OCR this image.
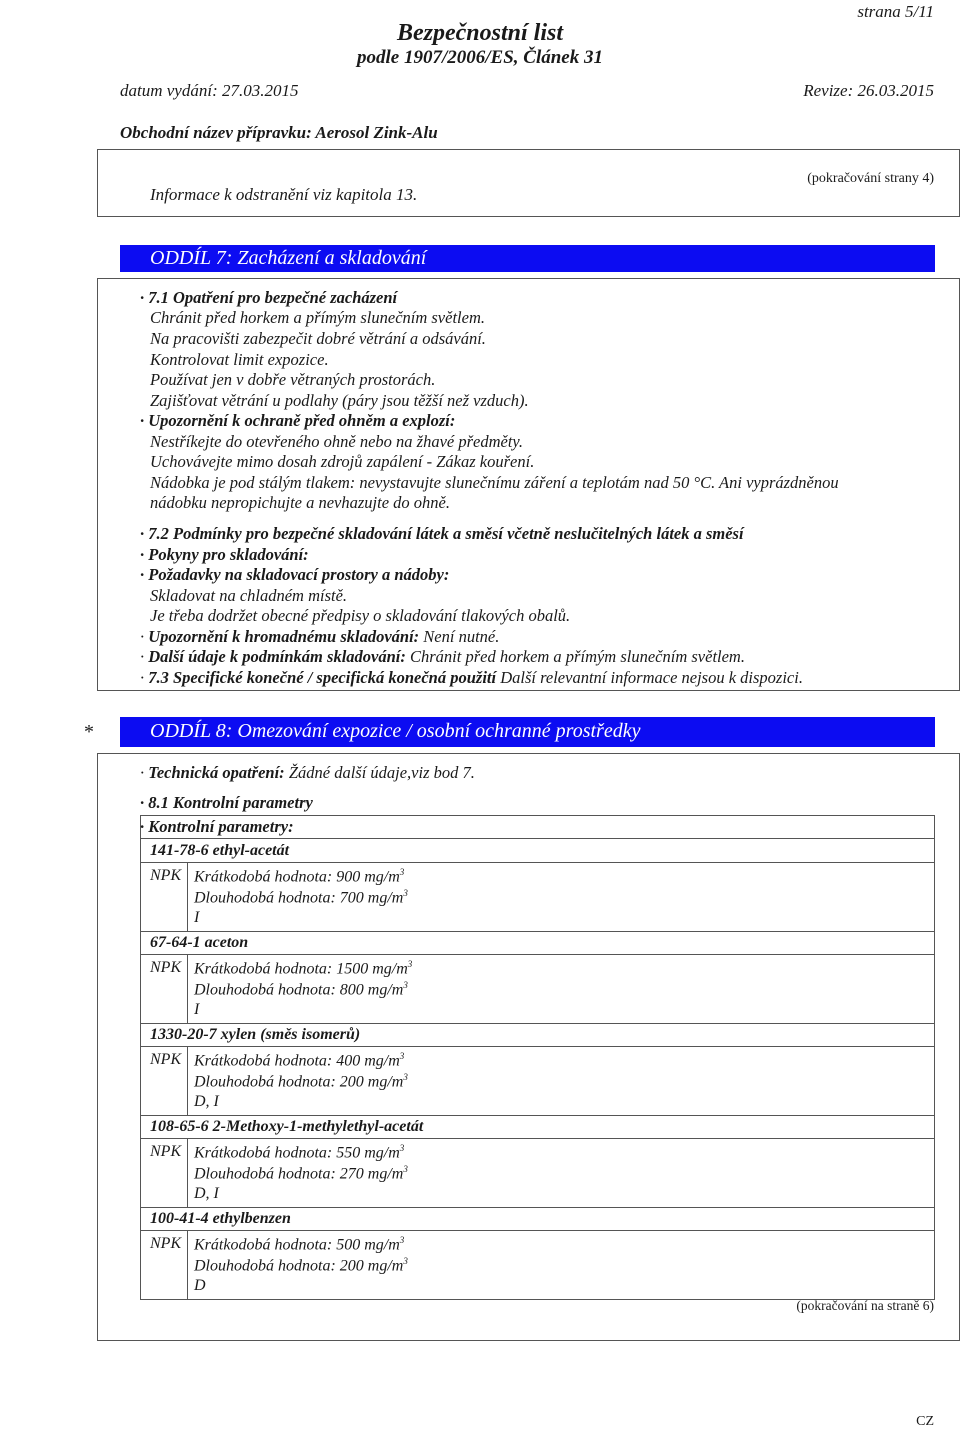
strana 5/11
Bezpečnostní list
podle 1907/2006/ES, Článek 31
datum vydání: 27.03.2015	Revize: 26.03.2015
Obchodní název přípravku: Aerosol Zink-Alu
(pokračování strany 4)
Informace k odstranění viz kapitola 13.
ODDÍL 7: Zacházení a skladování
· 7.1 Opatření pro bezpečné zacházení
Chránit před horkem a přímým slunečním světlem.
Na pracovišti zabezpečit dobré větrání a odsávání.
Kontrolovat limit expozice.
Používat jen v dobře větraných prostorách.
Zajišťovat větrání u podlahy (páry jsou těžší než vzduch).
· Upozornění k ochraně před ohněm a explozí:
Nestříkejte do otevřeného ohně nebo na žhavé předměty.
Uchovávejte mimo dosah zdrojů zapálení - Zákaz kouření.
Nádobka je pod stálým tlakem: nevystavujte slunečnímu záření a teplotám nad 50 °C. Ani vyprázdněnou
nádobku nepropichujte a nevhazujte do ohně.
· 7.2 Podmínky pro bezpečné skladování látek a směsí včetně neslučitelných látek a směsí
· Pokyny pro skladování:
· Požadavky na skladovací prostory a nádoby:
Skladovat na chladném místě.
Je třeba dodržet obecné předpisy o skladování tlakových obalů.
· Upozornění k hromadnému skladování: Není nutné.
· Další údaje k podmínkám skladování: Chránit před horkem a přímým slunečním světlem.
· 7.3 Specifické konečné / specifická konečná použití Další relevantní informace nejsou k dispozici.
*	ODDÍL 8: Omezování expozice / osobní ochranné prostředky
· Technická opatření: Žádné další údaje,viz bod 7.
· 8.1 Kontrolní parametry
· Kontrolní parametry:
141-78-6 ethyl-acetát
NPK Krátkodobá hodnota: 900 $mg/m^3$
Dlouhodobá hodnota: 700 $mg/m^3$
I
67-64-1 aceton
NPK Krátkodobá hodnota: 1500 $mg/m^3$
Dlouhodobá hodnota: 800 $mg/m^3$
I
1330-20-7 xylen (směs isomerů)
NPK Krátkodobá hodnota: 400 $mg/m^3$
Dlouhodobá hodnota: 200 $mg/m^3$
D, I
108-65-6 2-Methoxy-1-methylethyl-acetát
NPK Krátkodobá hodnota: 550 $mg/m^3$
Dlouhodobá hodnota: 270 $mg/m^3$
D, I
100-41-4 ethylbenzen
NPK Krátkodobá hodnota: 500 $mg/m^3$
Dlouhodobá hodnota: 200 $mg/m^3$
D
(pokračování na straně 6)
CZ
